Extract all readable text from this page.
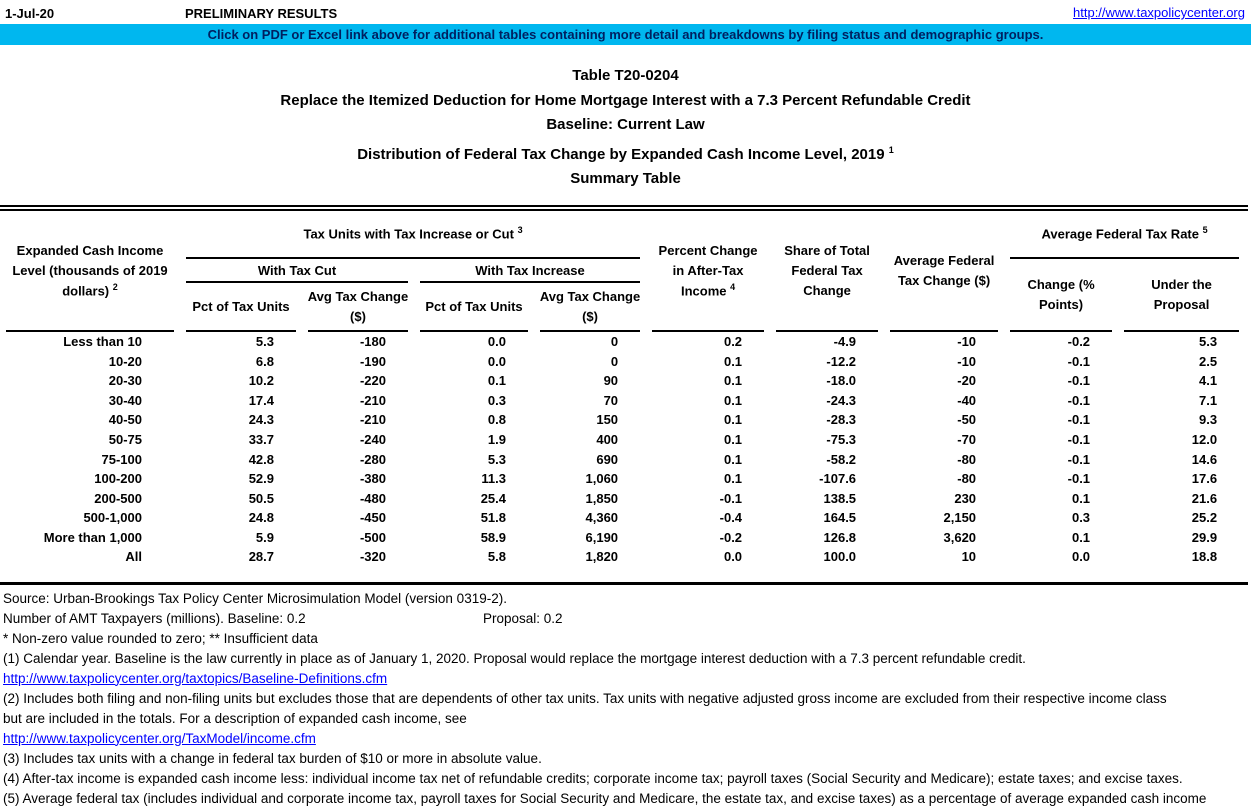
1-Jul-20	PRELIMINARY RESULTS	http://www.taxpolicycenter.org
Click on PDF or Excel link above for additional tables containing more detail and breakdowns by filing status and demographic groups.
Table T20-0204
Replace the Itemized Deduction for Home Mortgage Interest with a 7.3 Percent Refundable Credit
Baseline: Current Law
Distribution of Federal Tax Change by Expanded Cash Income Level, 2019 $^1$
Summary Table
Expanded Cash Income Level (thousands of 2019 dollars) $^2$	Tax Units with Tax Increase or Cut $^3$				Percent Change in After-Tax Income $^4$	Share of Total Federal Tax Change	Average Federal Tax Change ($)	Average Federal Tax Rate $^5$
	With Tax Cut		With Tax Increase					Change (% Points)	Under the Proposal
	Pct of Tax Units	Avg Tax Change ($)	Pct of Tax Units	Avg Tax Change ($)					
Less than 10	5.3	-180	0.0	0	0.2	-4.9	-10	-0.2	5.3
10-20	6.8	-190	0.0	0	0.1	-12.2	-10	-0.1	2.5
20-30	10.2	-220	0.1	90	0.1	-18.0	-20	-0.1	4.1
30-40	17.4	-210	0.3	70	0.1	-24.3	-40	-0.1	7.1
40-50	24.3	-210	0.8	150	0.1	-28.3	-50	-0.1	9.3
50-75	33.7	-240	1.9	400	0.1	-75.3	-70	-0.1	12.0
75-100	42.8	-280	5.3	690	0.1	-58.2	-80	-0.1	14.6
100-200	52.9	-380	11.3	1,060	0.1	-107.6	-80	-0.1	17.6
200-500	50.5	-480	25.4	1,850	-0.1	138.5	230	0.1	21.6
500-1,000	24.8	-450	51.8	4,360	-0.4	164.5	2,150	0.3	25.2
More than 1,000	5.9	-500	58.9	6,190	-0.2	126.8	3,620	0.1	29.9
All	28.7	-320	5.8	1,820	0.0	100.0	10	0.0	18.8
Source: Urban-Brookings Tax Policy Center Microsimulation Model (version 0319-2).
Number of AMT Taxpayers (millions). Baseline: 0.2	Proposal: 0.2
* Non-zero value rounded to zero; ** Insufficient data
(1) Calendar year. Baseline is the law currently in place as of January 1, 2020. Proposal would replace the mortgage interest deduction with a 7.3 percent refundable credit.
http://www.taxpolicycenter.org/taxtopics/Baseline-Definitions.cfm
(2) Includes both filing and non-filing units but excludes those that are dependents of other tax units. Tax units with negative adjusted gross income are excluded from their respective income class
but are included in the totals. For a description of expanded cash income, see
http://www.taxpolicycenter.org/TaxModel/income.cfm
(3) Includes tax units with a change in federal tax burden of $10 or more in absolute value.
(4) After-tax income is expanded cash income less: individual income tax net of refundable credits; corporate income tax; payroll taxes (Social Security and Medicare); estate taxes; and excise taxes.
(5) Average federal tax (includes individual and corporate income tax, payroll taxes for Social Security and Medicare, the estate tax, and excise taxes) as a percentage of average expanded cash income
